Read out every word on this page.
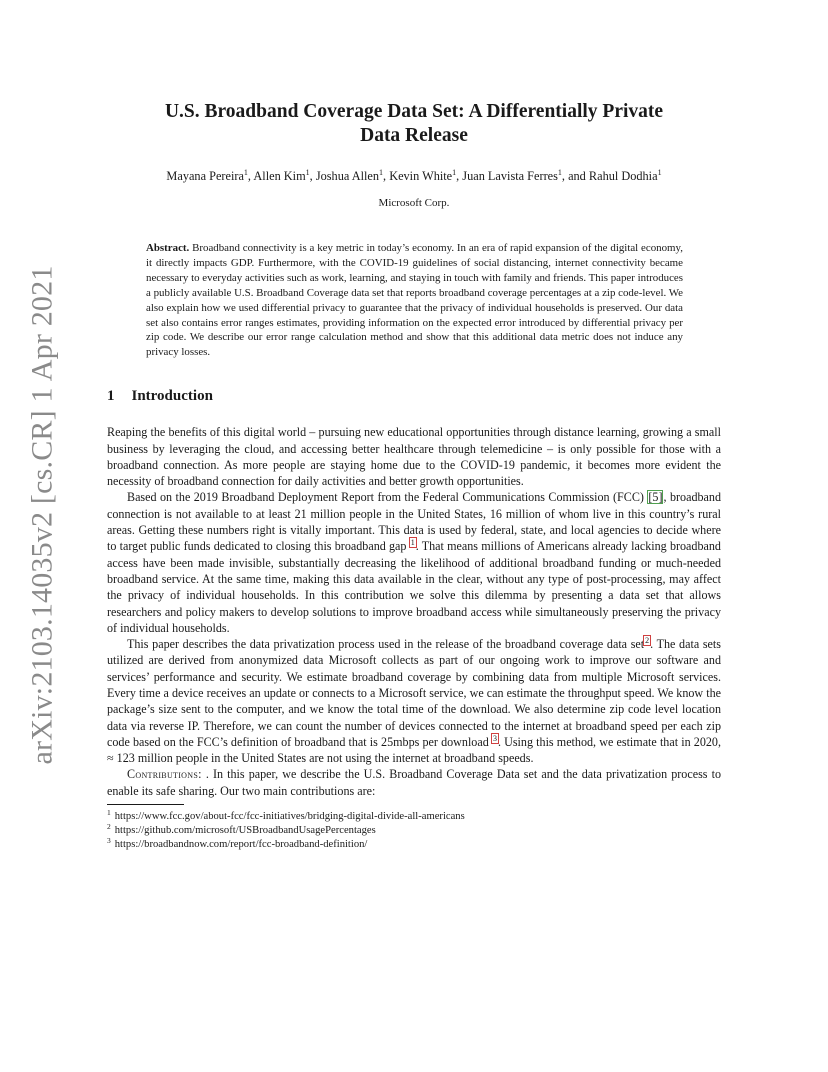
arXiv:2103.14035v2 [cs.CR] 1 Apr 2021
U.S. Broadband Coverage Data Set: A Differentially Private
Data Release
Mayana Pereira$^1$, Allen Kim$^1$, Joshua Allen$^1$, Kevin White$^1$, Juan Lavista Ferres$^1$, and Rahul Dodhia$^1$
Microsoft Corp.
Abstract. Broadband connectivity is a key metric in today’s economy. In an era of rapid expansion of the digital economy, it directly impacts GDP. Furthermore, with the COVID-19 guidelines of social distancing, internet connectivity became necessary to everyday activities such as work, learning, and staying in touch with family and friends. This paper introduces a publicly available U.S. Broadband Coverage data set that reports broadband coverage percentages at a zip code-level. We also explain how we used differential privacy to guarantee that the privacy of individual households is preserved. Our data set also contains error ranges estimates, providing information on the expected error introduced by differential privacy per zip code. We describe our error range calculation method and show that this additional data metric does not induce any privacy losses.
1 Introduction

Reaping the benefits of this digital world – pursuing new educational opportunities through distance learning, growing a small business by leveraging the cloud, and accessing better healthcare through telemedicine – is only possible for those with a broadband connection. As more people are staying home due to the COVID-19 pandemic, it becomes more evident the necessity of broadband connection for daily activities and better growth opportunities.

Based on the 2019 Broadband Deployment Report from the Federal Communications Commission (FCC) [5], broadband connection is not available to at least 21 million people in the United States, 16 million of whom live in this country’s rural areas. Getting these numbers right is vitally important. This data is used by federal, state, and local agencies to decide where to target public funds dedicated to closing this broadband gap $^1$. That means millions of Americans already lacking broadband access have been made invisible, substantially decreasing the likelihood of additional broadband funding or much-needed broadband service. At the same time, making this data available in the clear, without any type of post-processing, may affect the privacy of individual households. In this contribution we solve this dilemma by presenting a data set that allows researchers and policy makers to develop solutions to improve broadband access while simultaneously preserving the privacy of individual households.

This paper describes the data privatization process used in the release of the broadband coverage data set$^2$. The data sets utilized are derived from anonymized data Microsoft collects as part of our ongoing work to improve our software and services’ performance and security. We estimate broadband coverage by combining data from multiple Microsoft services. Every time a device receives an update or connects to a Microsoft service, we can estimate the throughput speed. We know the package’s size sent to the computer, and we know the total time of the download. We also determine zip code level location data via reverse IP. Therefore, we can count the number of devices connected to the internet at broadband speed per each zip code based on the FCC’s definition of broadband that is 25mbps per download $^3$. Using this method, we estimate that in 2020, ≈ 123 million people in the United States are not using the internet at broadband speeds.

Contributions: . In this paper, we describe the U.S. Broadband Coverage Data set and the data privatization process to enable its safe sharing. Our two main contributions are:

$^1$ https://www.fcc.gov/about-fcc/fcc-initiatives/bridging-digital-divide-all-americans
$^2$ https://github.com/microsoft/USBroadbandUsagePercentages
$^3$ https://broadbandnow.com/report/fcc-broadband-definition/
